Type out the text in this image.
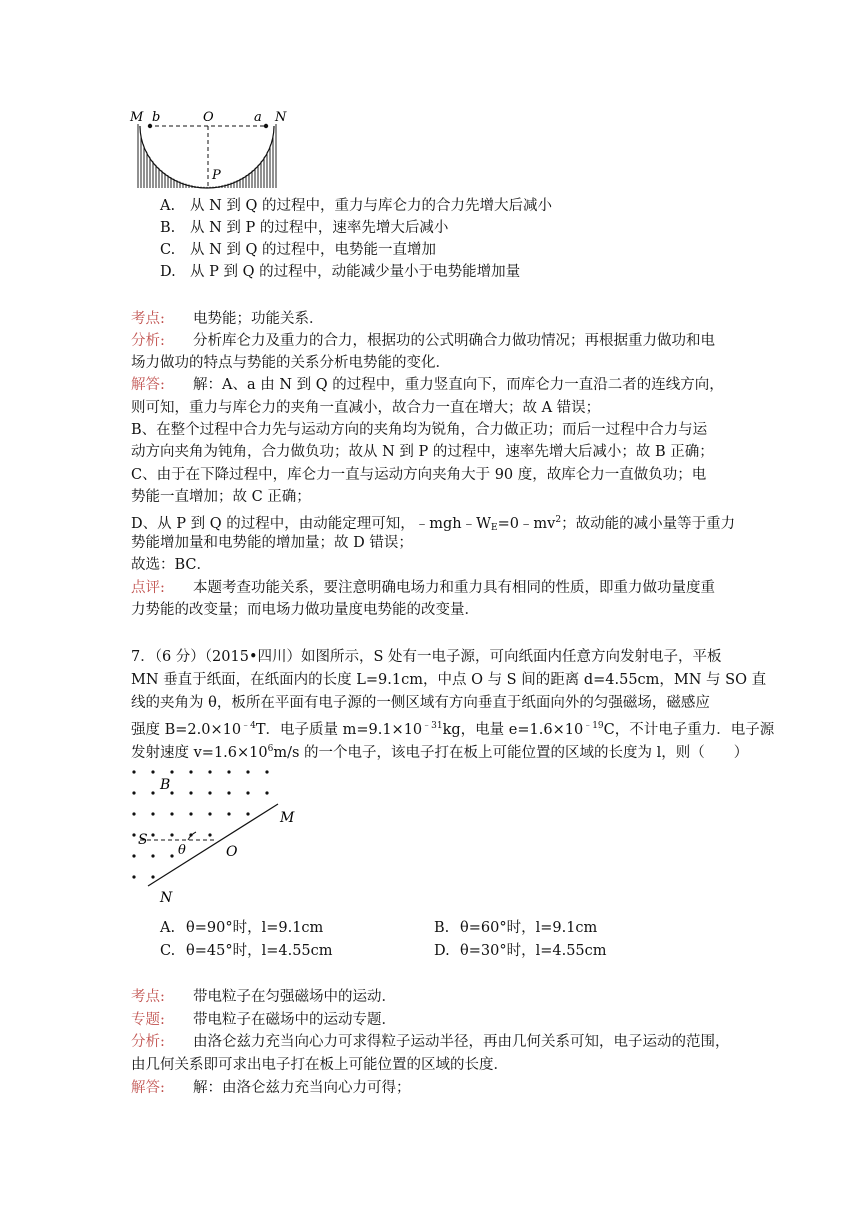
M b	O	a N
P
A. 从 N 到 Q 的过程中，重力与库仑力的合力先增大后减小
B. 从 N 到 P 的过程中，速率先增大后减小
C. 从 N 到 Q 的过程中，电势能一直增加
D. 从 P 到 Q 的过程中，动能减少量小于电势能增加量
考点: 电势能；功能关系．
分析: 分析库仑力及重力的合力，根据功的公式明确合力做功情况；再根据重力做功和电
场力做功的特点与势能的关系分析电势能的变化．
解答: 解：A、a 由 N 到 Q 的过程中，重力竖直向下，而库仑力一直沿二者的连线方向，
则可知，重力与库仑力的夹角一直减小，故合力一直在增大；故 A 错误；
B、在整个过程中合力先与运动方向的夹角均为锐角，合力做正功；而后一过程中合力与运
动方向夹角为钝角，合力做负功；故从 N 到 P 的过程中，速率先增大后减小；故 B 正确；
C、由于在下降过程中，库仑力一直与运动方向夹角大于 90 度，故库仑力一直做负功；电
势能一直增加；故 C 正确；
D、从 P 到 Q 的过程中，由动能定理可知，$﹣mgh﹣W_E=0﹣mv^2$；故动能的减小量等于重力
势能增加量和电势能的增加量；故 D 错误；
故选：BC．
点评: 本题考查功能关系，要注意明确电场力和重力具有相同的性质，即重力做功量度重
力势能的改变量；而电场力做功量度电势能的改变量．
7．（6 分）（2015•四川）如图所示，S 处有一电子源，可向纸面内任意方向发射电子，平板
MN 垂直于纸面，在纸面内的长度 L=9.1cm，中点 O 与 S 间的距离 d=4.55cm，MN 与 SO 直
线的夹角为 θ，板所在平面有电子源的一侧区域有方向垂直于纸面向外的匀强磁场，磁感应
强度 $B=2.0\times 10^{﹣4}T$．电子质量 $m=9.1\times 10^{﹣31}kg$，电量 $e=1.6\times 10^{﹣19}C$，不计电子重力．电子源
发射速度 $v=1.6\times 10^6m/s$ 的一个电子，该电子打在板上可能位置的区域的长度为 l，则（　　）
B
M
S
θ	O
N
A. θ=90°时，l=9.1cm	B. θ=60°时，l=9.1cm
C. θ=45°时，l=4.55cm	D. θ=30°时，l=4.55cm
考点: 带电粒子在匀强磁场中的运动．
专题: 带电粒子在磁场中的运动专题．
分析: 由洛仑兹力充当向心力可求得粒子运动半径，再由几何关系可知，电子运动的范围，
由几何关系即可求出电子打在板上可能位置的区域的长度．
解答: 解：由洛仑兹力充当向心力可得；
